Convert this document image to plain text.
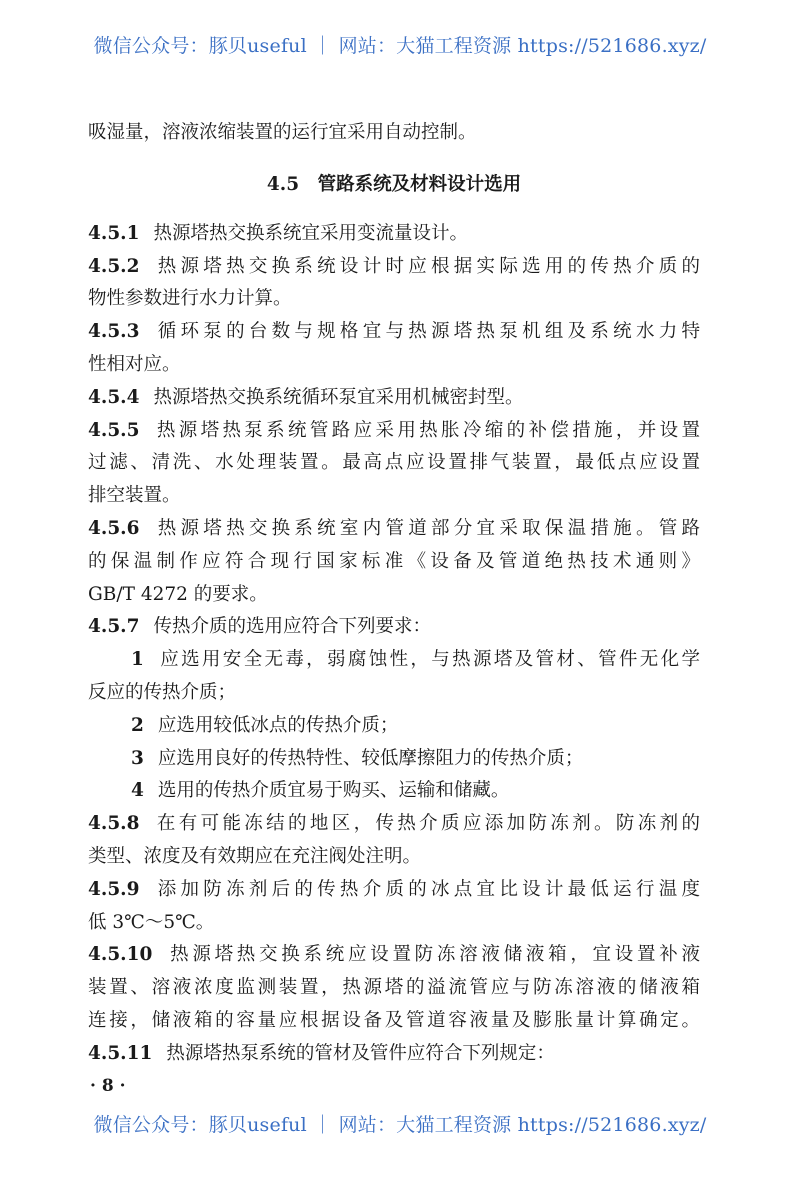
微信公众号：豚贝useful ｜ 网站：大猫工程资源 https://521686.xyz/
吸湿量，溶液浓缩装置的运行宜采用自动控制。
4.5　管路系统及材料设计选用
4.5.1 热源塔热交换系统宜采用变流量设计。
4.5.2 热源塔热交换系统设计时应根据实际选用的传热介质的
物性参数进行水力计算。
4.5.3 循环泵的台数与规格宜与热源塔热泵机组及系统水力特
性相对应。
4.5.4 热源塔热交换系统循环泵宜采用机械密封型。
4.5.5 热源塔热泵系统管路应采用热胀冷缩的补偿措施，并设置
过滤、清洗、水处理装置。最高点应设置排气装置，最低点应设置
排空装置。
4.5.6 热源塔热交换系统室内管道部分宜采取保温措施。管路
的保温制作应符合现行国家标准《设备及管道绝热技术通则》
GB/T 4272 的要求。
4.5.7 传热介质的选用应符合下列要求：
1 应选用安全无毒，弱腐蚀性，与热源塔及管材、管件无化学
反应的传热介质；
2 应选用较低冰点的传热介质；
3 应选用良好的传热特性、较低摩擦阻力的传热介质；
4 选用的传热介质宜易于购买、运输和储藏。
4.5.8 在有可能冻结的地区，传热介质应添加防冻剂。防冻剂的
类型、浓度及有效期应在充注阀处注明。
4.5.9 添加防冻剂后的传热介质的冰点宜比设计最低运行温度
低 3℃～5℃。
4.5.10 热源塔热交换系统应设置防冻溶液储液箱，宜设置补液
装置、溶液浓度监测装置，热源塔的溢流管应与防冻溶液的储液箱
连接，储液箱的容量应根据设备及管道容液量及膨胀量计算确定。
4.5.11 热源塔热泵系统的管材及管件应符合下列规定：
· 8 ·
微信公众号：豚贝useful ｜ 网站：大猫工程资源 https://521686.xyz/
